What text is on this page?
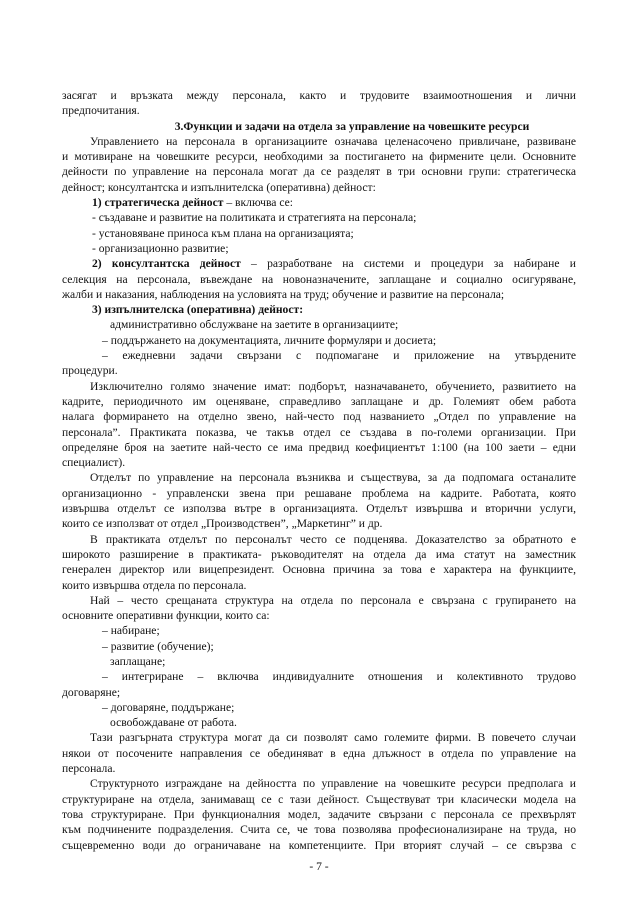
засягат и връзката между персонала, както и трудовите взаимоотношения и лични

предпочитания.

3.Функции и задачи на отдела за управление на човешките ресурси

Управлението на персонала в организациите означава целенасочено привличане, развиване

и мотивиране на човешките ресурси, необходими за постигането на фирмените цели. Основните

дейности по управление на персонала могат да се разделят в три основни групи: стратегическа

дейност; консултантска и изпълнителска (оперативна) дейност:

1) стратегическа дейност – включва се:

- създаване и развитие на политиката и стратегията на персонала;

- установяване приноса към плана на организацията;

- организационно развитие;

2) консултантска дейност – разработване на системи и процедури за набиране и

селекция на персонала, въвеждане на новоназначените, заплащане и социално осигуряване,

жалби и наказания, наблюдения на условията на труд; обучение и развитие на персонала;

3) изпълнителска (оперативна) дейност:

административно обслужване на заетите в организациите;

– поддържането на документацията, личните формуляри и досиета;

– ежедневни задачи свързани с подпомагане и приложение на утвърдените

процедури.

Изключително голямо значение имат: подборът, назначаването, обучението, развитието на

кадрите, периодичното им оценяване, справедливо заплащане и др. Големият обем работа

налага формирането на отделно звено, най-често под названието „Отдел по управление на

персонала”. Практиката показва, че такъв отдел се създава в по-големи организации. При

определяне броя на заетите най-често се има предвид коефициентът 1:100 (на 100 заети – едни

специалист).

Отделът по управление на персонала възниква и съществува, за да подпомага останалите

организационно - управленски звена при решаване проблема на кадрите. Работата, която

извършва отделът се използва вътре в организацията. Отделът извършва и вторични услуги,

които се използват от отдел „Производствен”, „Маркетинг” и др.

В практиката отделът по персоналът често се подценява. Доказателство за обратното е

широкото разширение в практиката- ръководителят на отдела да има статут на заместник

генерален директор или вицепрезидент. Основна причина за това е характера на функциите,

които извършва отдела по персонала.

Най – често срещаната структура на отдела по персонала е свързана с групирането на

основните оперативни функции, които са:

– набиране;

– развитие (обучение);

заплащане;

– интегриране – включва индивидуалните отношения и колективното трудово

договаряне;

– договаряне, поддържане;

освобождаване от работа.

Тази разгърната структура могат да си позволят само големите фирми. В повечето случаи

някои от посочените направления се обединяват в една длъжност в отдела по управление на

персонала.

Структурното изграждане на дейността по управление на човешките ресурси предполага и

структуриране на отдела, занимаващ се с тази дейност. Съществуват три класически модела на

това структуриране. При функционалния модел, задачите свързани с персонала се прехвърлят

към подчинените подразделения. Счита се, че това позволява професионализиране на труда, но

същевременно води до ограничаване на компетенциите. При вторият случай – се свързва с

- 7 -
